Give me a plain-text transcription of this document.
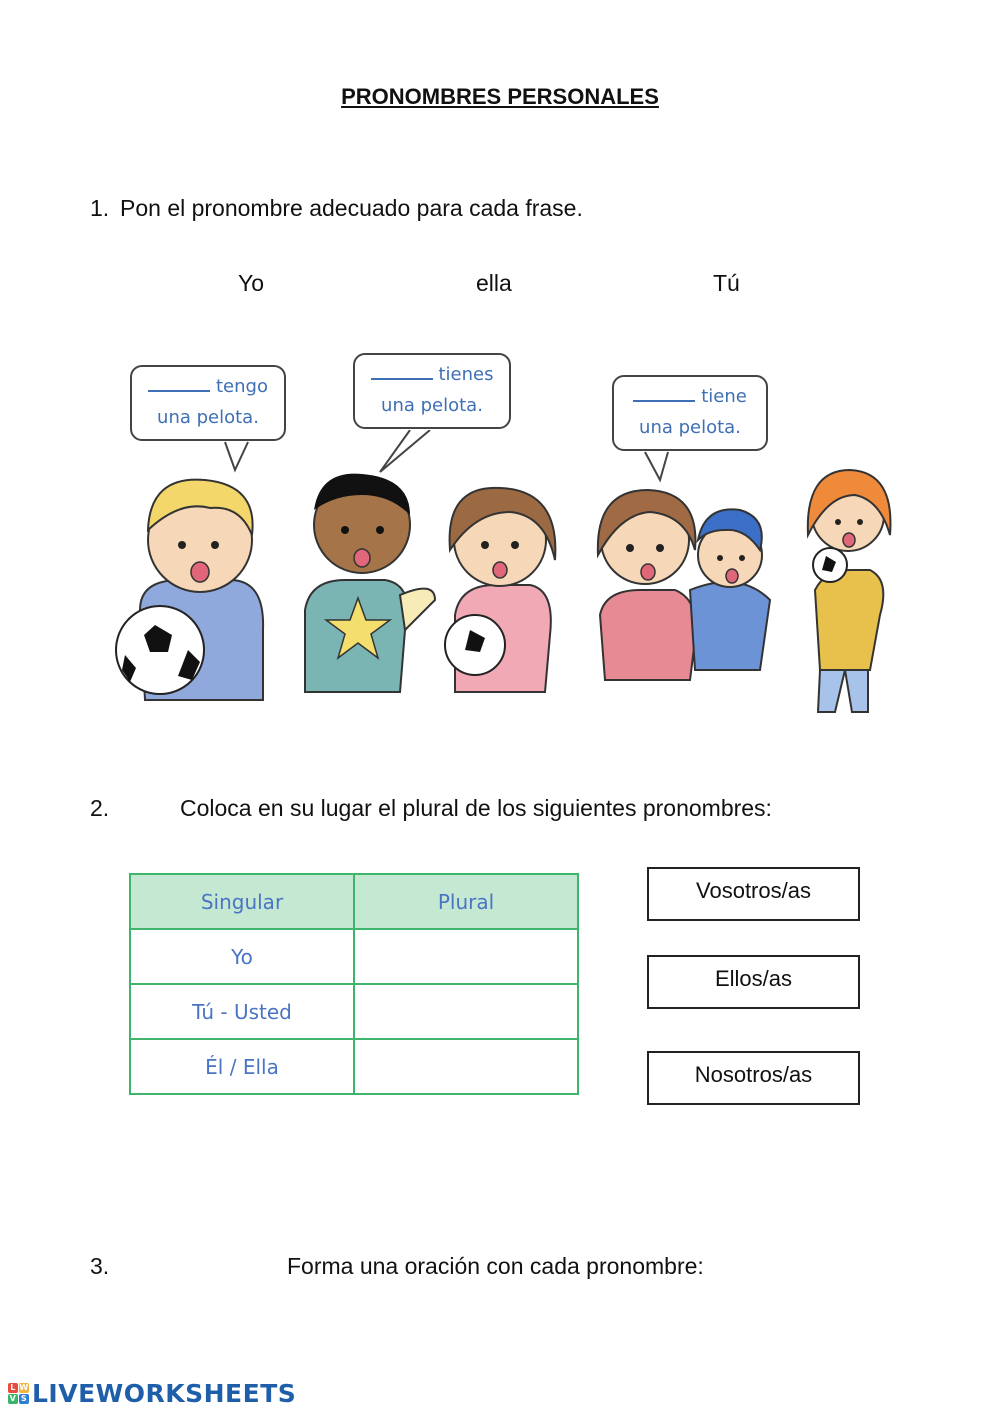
PRONOMBRES PERSONALES
1. Pon el pronombre adecuado para cada frase.
Yo	ella	Tú
tengo
una pelota.
tienes
una pelota.	tiene
una pelota.
2.	Coloca en su lugar el plural de los siguientes pronombres:
Singular	Plural
Yo	
Tú - Usted	
Él / Ella	
Vosotros/as
Ellos/as
Nosotros/as
3.	Forma una oración con cada pronombre:
L W
V S LIVEWORKSHEETS
